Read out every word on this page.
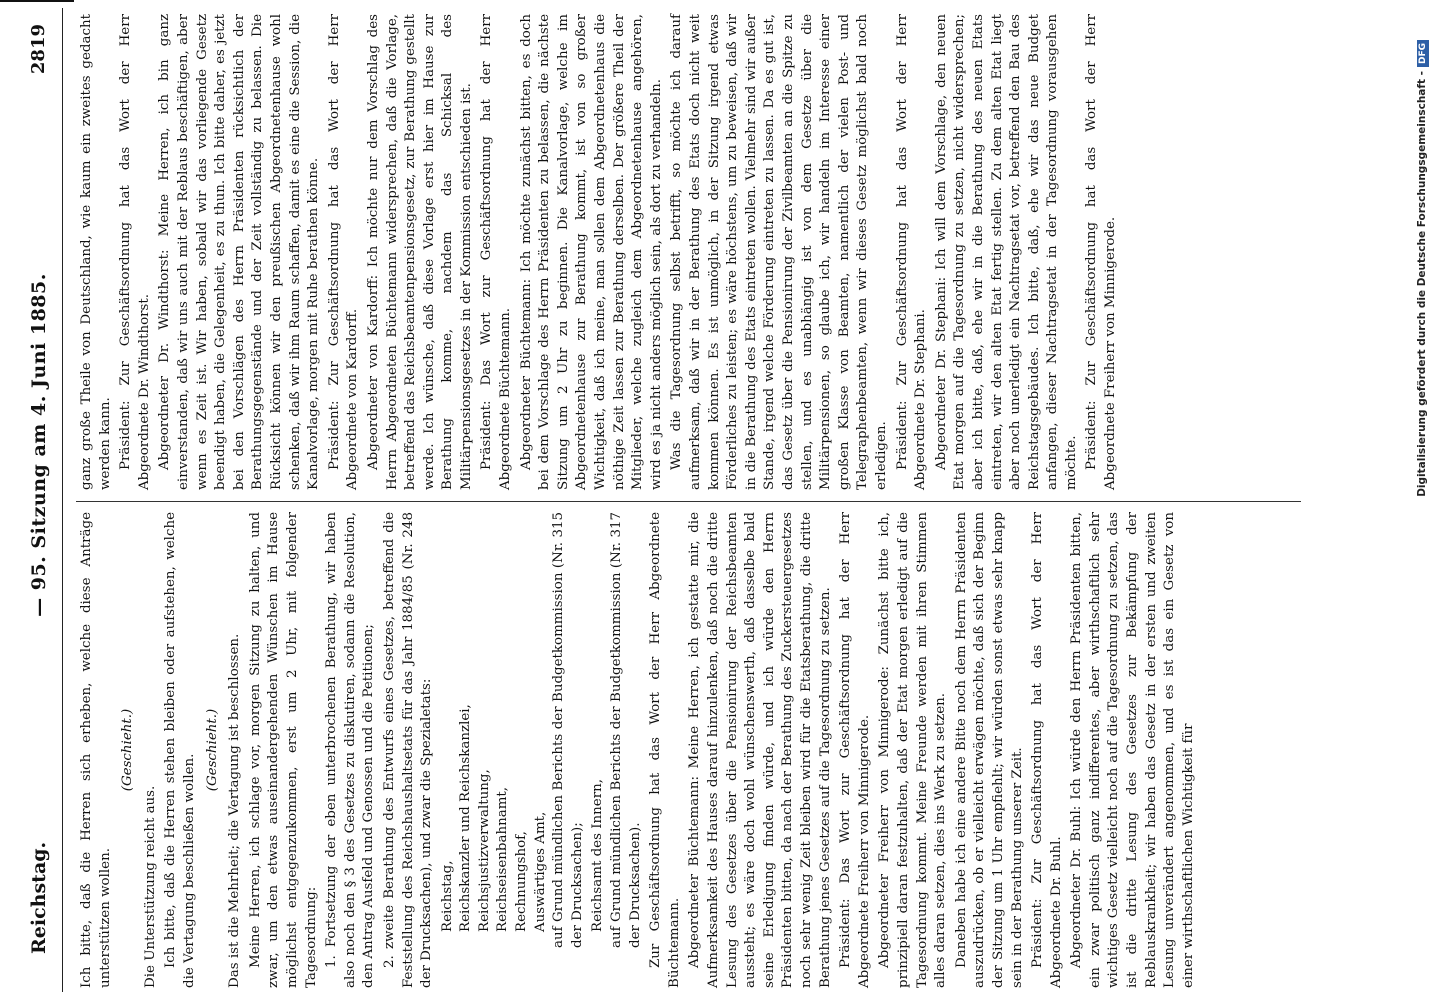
Reichstag.
— 95. Sitzung am 4. Juni 1885.
2819

Ich bitte, daß die Herren sich erheben, welche diese Anträge unterstützen wollen.

(Geschieht.)

Die Unterstützung reicht aus. Ich bitte, daß die Herren stehen bleiben oder aufstehen, welche die Vertagung beschließen wollen.

(Geschieht.) Das ist die Mehrheit; die Vertagung ist beschlossen. Meine Herren, ich schlage vor, morgen Sitzung zu halten, und zwar, um den etwas auseinandergehenden Wünschen im Hause möglichst entgegenzukommen, erst um 2 Uhr, mit folgender Tagesordnung: 1. Fortsetzung der eben unterbrochenen Berathung, wir haben also noch den § 3 des Gesetzes zu diskutiren, sodann die Resolution, den Antrag Ausfeld und Genossen und die Petitionen; 2. zweite Berathung des Entwurfs eines Gesetzes, betreffend die Feststellung des Reichshaushaltsetats für das Jahr 1884/85 (Nr. 248 der Drucksachen), und zwar die Spezialetats: Reichstag, Reichskanzler und Reichskanzlei, Reichsjustizverwaltung, Reichseisenbahnamt, Rechnungshof, Auswärtiges Amt, auf Grund mündlichen Berichts der Budgetkommission (Nr. 315 der Drucksachen); Reichsamt des Innern, auf Grund mündlichen Berichts der Budgetkommission (Nr. 317 der Drucksachen). Zur Geschäftsordnung hat das Wort der Herr Abgeordnete Büchtemann. Abgeordneter Büchtemann: Meine Herren, ich gestatte mir, die Aufmerksamkeit des Hauses darauf hinzulenken, daß noch die dritte Lesung des Gesetzes über die Pensionirung der Reichsbeamten aussteht; es wäre doch wohl wünschenswerth, daß dasselbe bald seine Erledigung finden würde, und ich würde den Herrn Präsidenten bitten, da nach der Berathung des Zuckersteuergesetzes noch sehr wenig Zeit bleiben wird für die Etatsberathung, die dritte Berathung jenes Gesetzes auf die Tagesordnung zu setzen. Präsident: Das Wort zur Geschäftsordnung hat der Herr Abgeordnete Freiherr von Minnigerode. Abgeordneter Freiherr von Minnigerode: Zunächst bitte ich, prinzipiell daran festzuhalten, daß der Etat morgen erledigt auf die Tagesordnung kommt. Meine Freunde werden mit ihren Stimmen alles daran setzen, dies ins Werk zu setzen. Daneben habe ich eine andere Bitte noch dem Herrn Präsidenten auszudrücken, ob er vielleicht erwägen möchte, daß sich der Beginn der Sitzung um 1 Uhr empfiehlt; wir würden sonst etwas sehr knapp sein in der Berathung unserer Zeit. Präsident: Zur Geschäftsordnung hat das Wort der Herr Abgeordnete Dr. Buhl. Abgeordneter Dr. Buhl: Ich würde den Herrn Präsidenten bitten, ein zwar politisch ganz indifferentes, aber wirthschaftlich sehr wichtiges Gesetz vielleicht noch auf die Tagesordnung zu setzen, das ist die dritte Lesung des Gesetzes zur Bekämpfung der Reblauskrankheit; wir haben das Gesetz in der ersten und zweiten Lesung unverändert angenommen, und es ist das ein Gesetz von einer wirthschaftlichen Wichtigkeit für

ganz große Theile von Deutschland, wie kaum ein zweites gedacht werden kann. Präsident: Zur Geschäftsordnung hat das Wort der Herr Abgeordnete Dr. Windthorst. Abgeordneter Dr. Windthorst: Meine Herren, ich bin ganz einverstanden, daß wir uns auch mit der Reblaus beschäftigen, aber wenn es Zeit ist. Wir haben, sobald wir das vorliegende Gesetz beendigt haben, die Gelegenheit, es zu thun. Ich bitte daher, es jetzt bei den Vorschlägen des Herrn Präsidenten rücksichtlich der Berathungsgegenstände und der Zeit vollständig zu belassen. Die Rücksicht können wir den preußischen Abgeordnetenhause wohl schenken, daß wir ihm Raum schaffen, damit es eine die Session, die Kanalvorlage, morgen mit Ruhe berathen könne. Präsident: Zur Geschäftsordnung hat das Wort der Herr Abgeordnete von Kardorff. Abgeordneter von Kardorff: Ich möchte nur dem Vorschlag des Herrn Abgeordneten Büchtemann widersprechen, daß die Vorlage, betreffend das Reichsbeamtenpensionsgesetz, zur Berathung gestellt werde. Ich wünsche, daß diese Vorlage erst hier im Hause zur Berathung komme, nachdem das Schicksal des Militärpensionsgesetzes in der Kommission entschieden ist. Präsident: Das Wort zur Geschäftsordnung hat der Herr Abgeordnete Büchtemann. Abgeordneter Büchtemann: Ich möchte zunächst bitten, es doch bei dem Vorschlage des Herrn Präsidenten zu belassen, die nächste Sitzung um 2 Uhr zu beginnen. Die Kanalvorlage, welche im Abgeordnetenhause zur Berathung kommt, ist von so großer Wichtigkeit, daß ich meine, man sollen dem Abgeordnetenhaus die nöthige Zeit lassen zur Berathung derselben. Der größere Theil der Mitglieder, welche zugleich dem Abgeordnetenhause angehören, wird es ja nicht anders möglich sein, als dort zu verhandeln. Was die Tagesordnung selbst betrifft, so möchte ich darauf aufmerksam, daß wir in der Berathung des Etats doch nicht weit kommen können. Es ist unmöglich, in der Sitzung irgend etwas Förderliches zu leisten; es wäre höchstens, um zu beweisen, daß wir in die Berathung des Etats eintreten wollen. Vielmehr sind wir außer Stande, irgend welche Förderung eintreten zu lassen. Da es gut ist, das Gesetz über die Pensionirung der Zivilbeamten an die Spitze zu stellen, und es unabhängig ist von dem Gesetze über die Militärpensionen, so glaube ich, wir handeln im Interesse einer großen Klasse von Beamten, namentlich der vielen Post- und Telegraphenbeamten, wenn wir dieses Gesetz möglichst bald noch erledigen. Präsident: Zur Geschäftsordnung hat das Wort der Herr Abgeordnete Dr. Stephani. Abgeordneter Dr. Stephani: Ich will dem Vorschlage, den neuen Etat morgen auf die Tagesordnung zu setzen, nicht widersprechen; aber ich bitte, daß, ehe wir in die Berathung des neuen Etats eintreten, wir den alten Etat fertig stellen. Zu dem alten Etat liegt aber noch unerledigt ein Nachtragsetat vor, betreffend den Bau des Reichstagsgebäudes. Ich bitte, daß, ehe wir das neue Budget anfangen, dieser Nachtragsetat in der Tagesordnung vorausgehen möchte. Präsident: Zur Geschäftsordnung hat das Wort der Herr Abgeordnete Freiherr von Minnigerode.	Digitalisierung gefördert durch die Deutsche Forschungsgemeinschaft -DFG
